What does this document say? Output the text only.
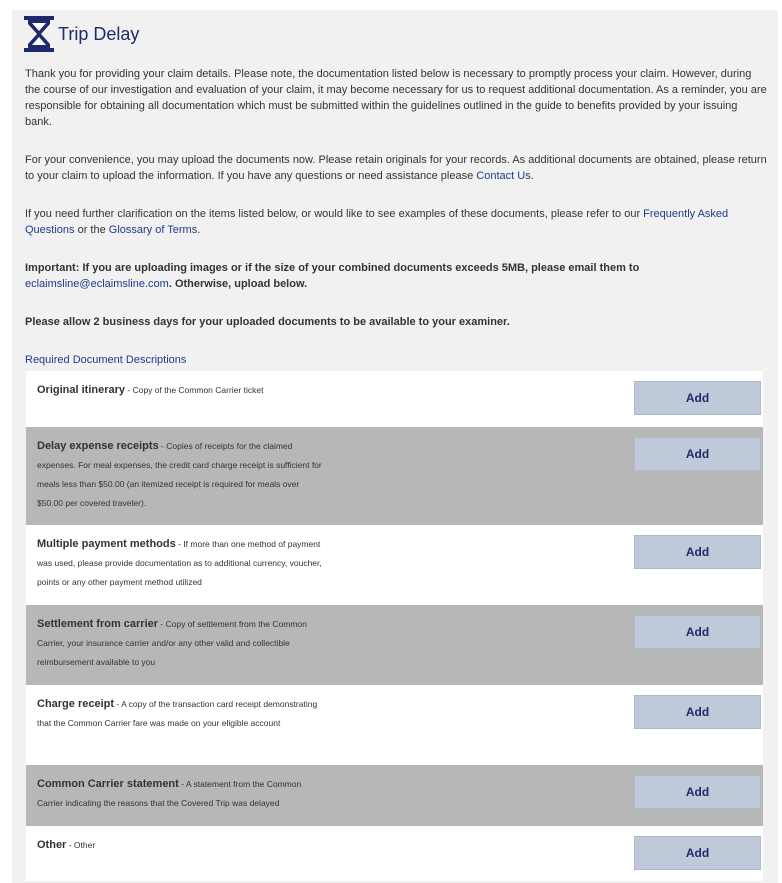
Trip Delay

Thank you for providing your claim details. Please note, the documentation listed below is necessary to promptly process your claim. However, during the course of our investigation and evaluation of your claim, it may become necessary for us to request additional documentation. As a reminder, you are responsible for obtaining all documentation which must be submitted within the guidelines outlined in the guide to benefits provided by your issuing bank.

For your convenience, you may upload the documents now. Please retain originals for your records. As additional documents are obtained, please return to your claim to upload the information. If you have any questions or need assistance please Contact Us.

If you need further clarification on the items listed below, or would like to see examples of these documents, please refer to our Frequently Asked Questions or the Glossary of Terms.

Important: If you are uploading images or if the size of your combined documents exceeds 5MB, please email them to eclaimsline@eclaimsline.com. Otherwise, upload below.

Please allow 2 business days for your uploaded documents to be available to your examiner.

Required Document Descriptions
Original itinerary - Copy of the Common Carrier ticket
Add
Delay expense receipts - Copies of receipts for the claimed expenses. For meal expenses, the credit card charge receipt is sufficient for meals less than $50.00 (an itemized receipt is required for meals over $50.00 per covered traveler).
Add
Multiple payment methods - If more than one method of payment was used, please provide documentation as to additional currency, voucher, points or any other payment method utilized
Add
Settlement from carrier - Copy of settlement from the Common Carrier, your insurance carrier and/or any other valid and collectible reimbursement available to you
Add
Charge receipt - A copy of the transaction card receipt demonstrating that the Common Carrier fare was made on your eligible account
Add
Common Carrier statement - A statement from the Common Carrier indicating the reasons that the Covered Trip was delayed
Add
Other - Other
Add
